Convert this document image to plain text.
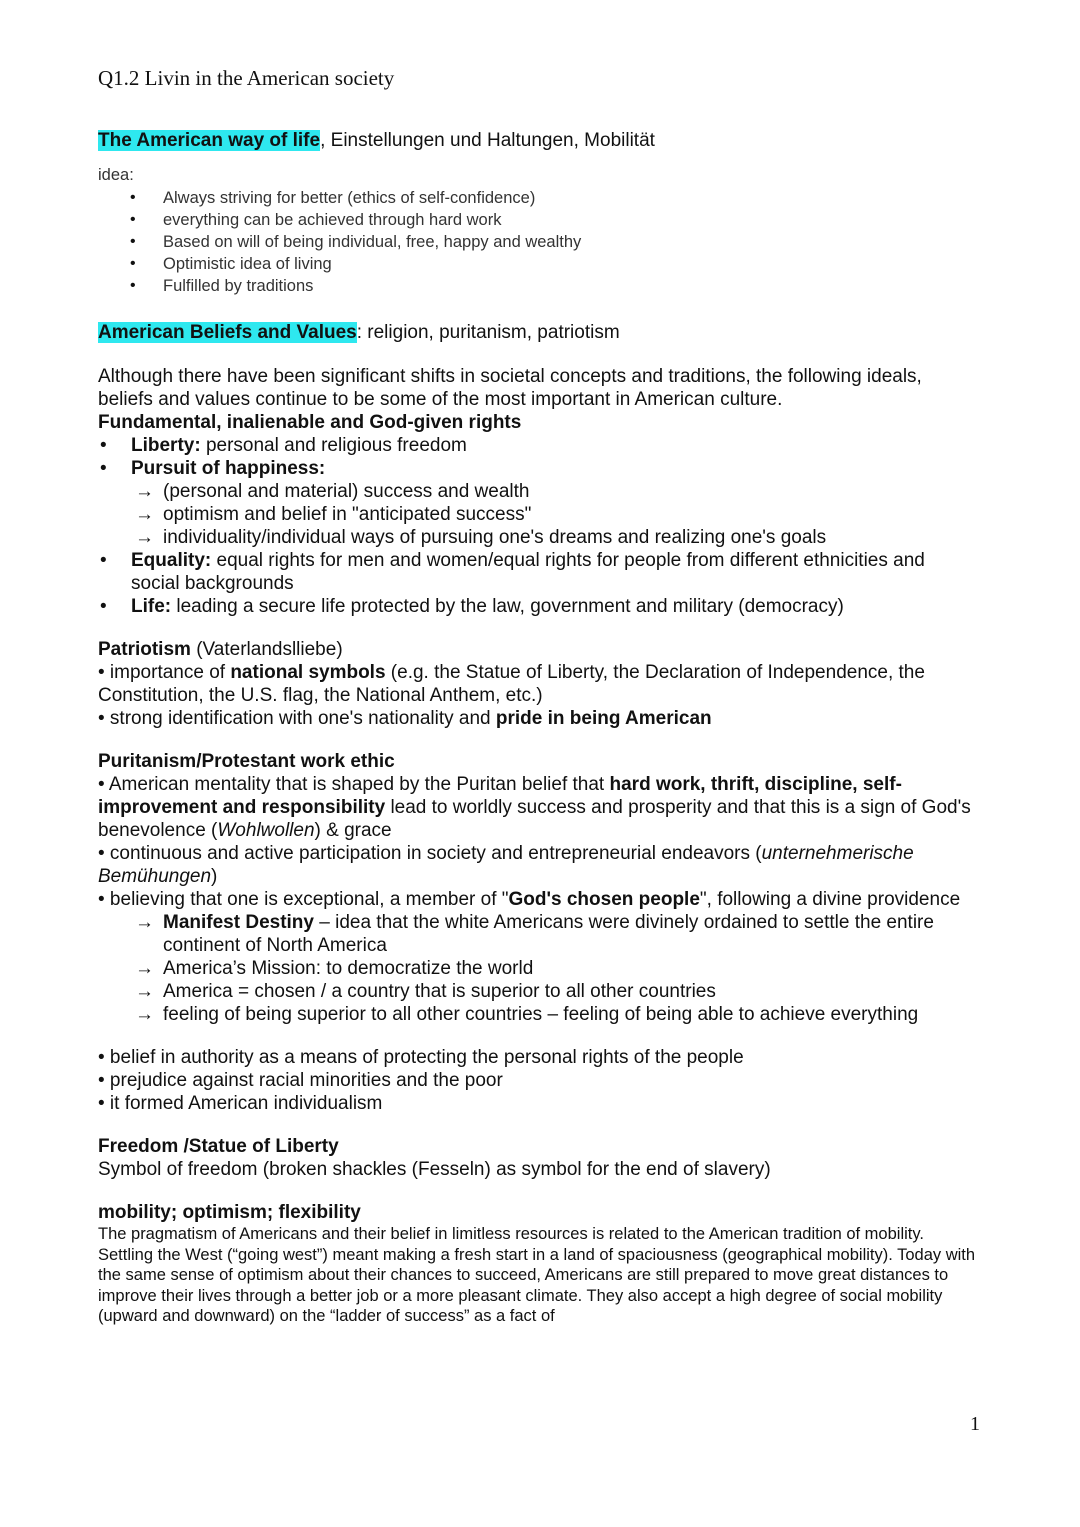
Q1.2 Livin in the American society
The American way of life, Einstellungen und Haltungen, Mobilität
idea:
• Always striving for better (ethics of self-confidence)
• everything can be achieved through hard work
• Based on will of being individual, free, happy and wealthy
• Optimistic idea of living
• Fulfilled by traditions
American Beliefs and Values: religion, puritanism, patriotism

Although there have been significant shifts in societal concepts and traditions, the following ideals, beliefs and values continue to be some of the most important in American culture.

Fundamental, inalienable and God-given rights

• Liberty: personal and religious freedom
• Pursuit of happiness:
→ (personal and material) success and wealth
→ optimism and belief in "anticipated success"
→ individuality/individual ways of pursuing one's dreams and realizing one's goals
• Equality: equal rights for men and women/equal rights for people from different ethnicities and social backgrounds
• Life: leading a secure life protected by the law, government and military (democracy)

Patriotism (Vaterlandslliebe)

• importance of national symbols (e.g. the Statue of Liberty, the Declaration of Independence, the Constitution, the U.S. flag, the National Anthem, etc.)

• strong identification with one's nationality and pride in being American

Puritanism/Protestant work ethic

• American mentality that is shaped by the Puritan belief that hard work, thrift, discipline, self-improvement and responsibility lead to worldly success and prosperity and that this is a sign of God's benevolence (Wohlwollen) & grace

• continuous and active participation in society and entrepreneurial endeavors (unternehmerische Bemühungen)

• believing that one is exceptional, a member of "God's chosen people", following a divine providence

→ Manifest Destiny – idea that the white Americans were divinely ordained to settle the entire continent of North America
→ America’s Mission: to democratize the world
→ America = chosen / a country that is superior to all other countries
→ feeling of being superior to all other countries – feeling of being able to achieve everything

• belief in authority as a means of protecting the personal rights of the people

• prejudice against racial minorities and the poor

• it formed American individualism

Freedom /Statue of Liberty

Symbol of freedom (broken shackles (Fesseln) as symbol for the end of slavery)

mobility; optimism; flexibility

The pragmatism of Americans and their belief in limitless resources is related to the American tradition of mobility. Settling the West (“going west”) meant making a fresh start in a land of spaciousness (geographical mobility). Today with the same sense of optimism about their chances to succeed, Americans are still prepared to move great distances to improve their lives through a better job or a more pleasant climate. They also accept a high degree of social mobility (upward and downward) on the “ladder of success” as a fact of

1
